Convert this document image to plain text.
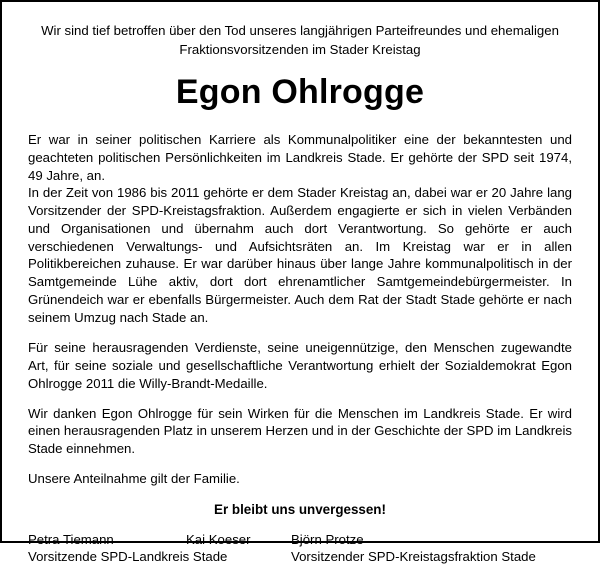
Wir sind tief betroffen über den Tod unseres langjährigen Parteifreundes und ehemaligen Fraktionsvorsitzenden im Stader Kreistag
Egon Ohlrogge
Er war in seiner politischen Karriere als Kommunalpolitiker eine der bekanntesten und geachteten politischen Persönlichkeiten im Landkreis Stade. Er gehörte der SPD seit 1974, 49 Jahre, an.
In der Zeit von 1986 bis 2011 gehörte er dem Stader Kreistag an, dabei war er 20 Jahre lang Vorsitzender der SPD-Kreistagsfraktion. Außerdem engagierte er sich in vielen Verbänden und Organisationen und übernahm auch dort Verantwortung. So gehörte er auch verschiedenen Verwaltungs- und Aufsichtsräten an. Im Kreistag war er in allen Politikbereichen zuhause. Er war darüber hinaus über lange Jahre kommunalpolitisch in der Samtgemeinde Lühe aktiv, dort dort ehrenamtlicher Samtgemeindebürgermeister. In Grünendeich war er ebenfalls Bürgermeister. Auch dem Rat der Stadt Stade gehörte er nach seinem Umzug nach Stade an.
Für seine herausragenden Verdienste, seine uneigennützige, den Menschen zugewandte Art, für seine soziale und gesellschaftliche Verantwortung erhielt der Sozialdemokrat Egon Ohlrogge 2011 die Willy-Brandt-Medaille.
Wir danken Egon Ohlrogge für sein Wirken für die Menschen im Landkreis Stade. Er wird einen herausragenden Platz in unserem Herzen und in der Geschichte der SPD im Landkreis Stade einnehmen.
Unsere Anteilnahme gilt der Familie.
Er bleibt uns unvergessen!
Petra Tiemann
Vorsitzende SPD-Landkreis Stade
Kai Koeser	Björn Protze
Vorsitzender SPD-Kreistagsfraktion Stade
